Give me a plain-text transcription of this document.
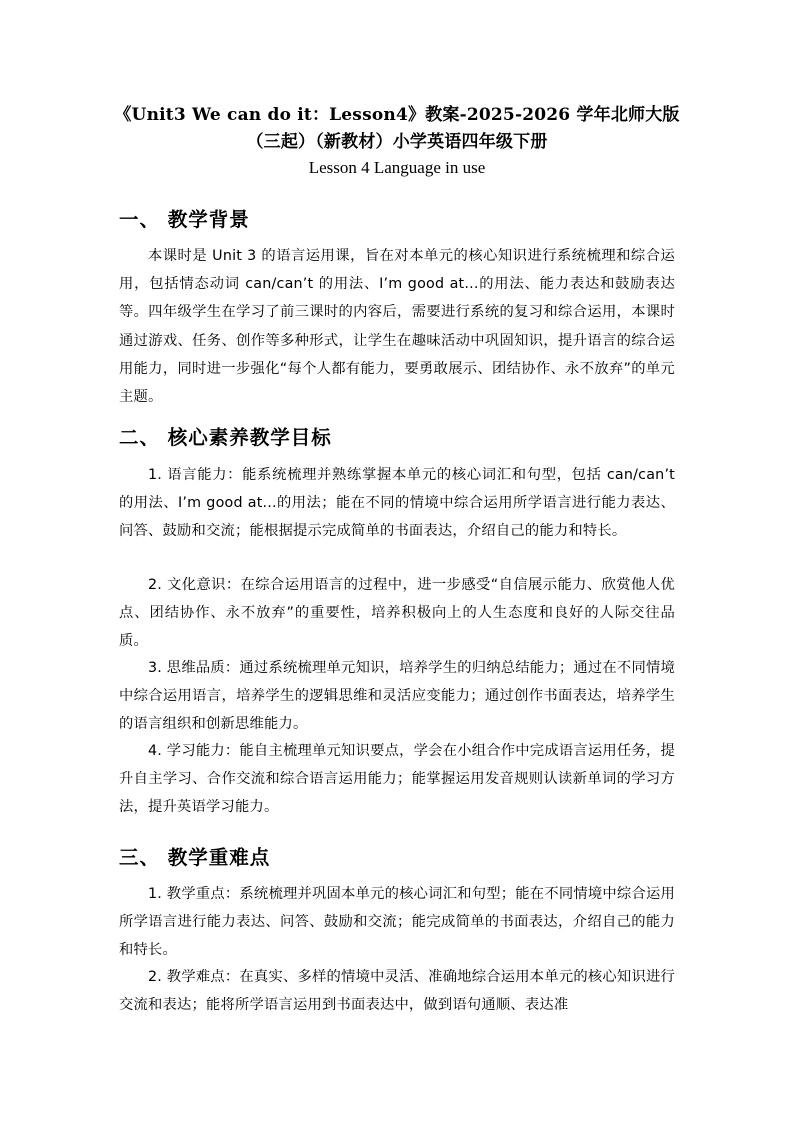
《Unit3 We can do it：Lesson4》教案-2025-2026 学年北师大版（三起）（新教材）小学英语四年级下册
Lesson 4 Language in use
一、 教学背景

本课时是 Unit 3 的语言运用课，旨在对本单元的核心知识进行系统梳理和综合运用，包括情态动词 can/can’t 的用法、I’m good at...的用法、能力表达和鼓励表达等。四年级学生在学习了前三课时的内容后，需要进行系统的复习和综合运用，本课时通过游戏、任务、创作等多种形式，让学生在趣味活动中巩固知识，提升语言的综合运用能力，同时进一步强化“每个人都有能力，要勇敢展示、团结协作、永不放弃”的单元主题。

二、 核心素养教学目标

1. 语言能力：能系统梳理并熟练掌握本单元的核心词汇和句型，包括 can/can’t 的用法、I’m good at...的用法；能在不同的情境中综合运用所学语言进行能力表达、问答、鼓励和交流；能根据提示完成简单的书面表达，介绍自己的能力和特长。

2. 文化意识：在综合运用语言的过程中，进一步感受“自信展示能力、欣赏他人优点、团结协作、永不放弃”的重要性，培养积极向上的人生态度和良好的人际交往品质。

3. 思维品质：通过系统梳理单元知识，培养学生的归纳总结能力；通过在不同情境中综合运用语言，培养学生的逻辑思维和灵活应变能力；通过创作书面表达，培养学生的语言组织和创新思维能力。

4. 学习能力：能自主梳理单元知识要点，学会在小组合作中完成语言运用任务，提升自主学习、合作交流和综合语言运用能力；能掌握运用发音规则认读新单词的学习方法，提升英语学习能力。

三、 教学重难点

1. 教学重点：系统梳理并巩固本单元的核心词汇和句型；能在不同情境中综合运用所学语言进行能力表达、问答、鼓励和交流；能完成简单的书面表达，介绍自己的能力和特长。

2. 教学难点：在真实、多样的情境中灵活、准确地综合运用本单元的核心知识进行交流和表达；能将所学语言运用到书面表达中，做到语句通顺、表达准
